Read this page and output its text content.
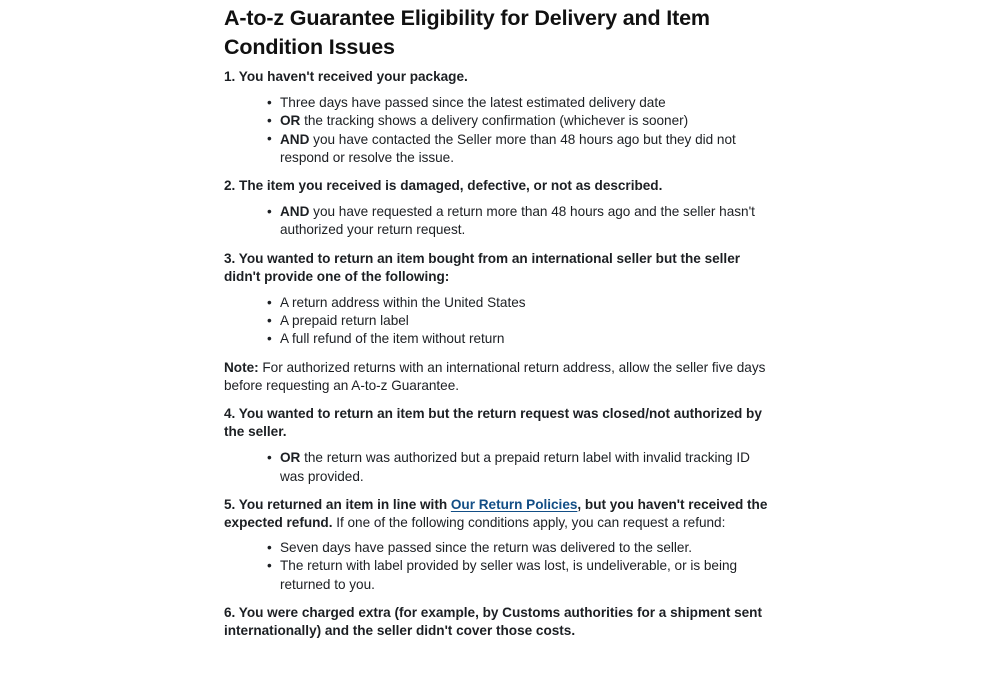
A-to-z Guarantee Eligibility for Delivery and Item Condition Issues

1. You haven't received your package.

• Three days have passed since the latest estimated delivery date
• OR the tracking shows a delivery confirmation (whichever is sooner)
• AND you have contacted the Seller more than 48 hours ago but they did not respond or resolve the issue.

2. The item you received is damaged, defective, or not as described.

• AND you have requested a return more than 48 hours ago and the seller hasn't authorized your return request.

3. You wanted to return an item bought from an international seller but the seller didn't provide one of the following:

• A return address within the United States
• A prepaid return label
• A full refund of the item without return

Note: For authorized returns with an international return address, allow the seller five days before requesting an A-to-z Guarantee.

4. You wanted to return an item but the return request was closed/not authorized by the seller.

• OR the return was authorized but a prepaid return label with invalid tracking ID was provided.

5. You returned an item in line with Our Return Policies, but you haven't received the expected refund. If one of the following conditions apply, you can request a refund:

• Seven days have passed since the return was delivered to the seller.
• The return with label provided by seller was lost, is undeliverable, or is being returned to you.

6. You were charged extra (for example, by Customs authorities for a shipment sent internationally) and the seller didn't cover those costs.
